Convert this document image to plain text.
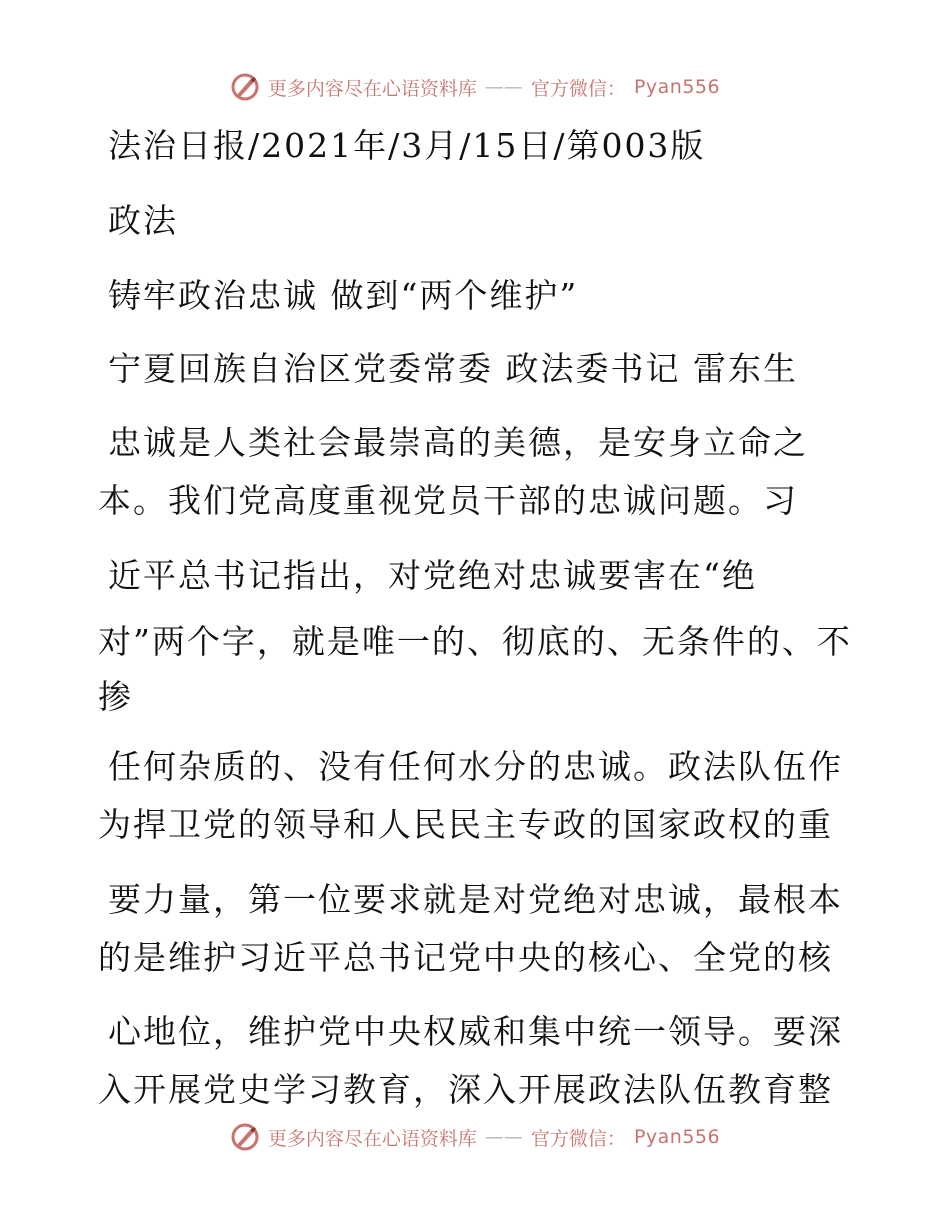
更多内容尽在心语资料库 —— 官方微信： Pyan556
法治日报/2021年/3月/15日/第003版
政法
铸牢政治忠诚 做到“两个维护”
宁夏回族自治区党委常委 政法委书记 雷东生
忠诚是人类社会最崇高的美德，是安身立命之
本。我们党高度重视党员干部的忠诚问题。习
近平总书记指出，对党绝对忠诚要害在“绝
对”两个字，就是唯一的、彻底的、无条件的、不掺
任何杂质的、没有任何水分的忠诚。政法队伍作
为捍卫党的领导和人民民主专政的国家政权的重
要力量，第一位要求就是对党绝对忠诚，最根本
的是维护习近平总书记党中央的核心、全党的核
心地位，维护党中央权威和集中统一领导。要深
入开展党史学习教育，深入开展政法队伍教育整
更多内容尽在心语资料库 —— 官方微信： Pyan556
